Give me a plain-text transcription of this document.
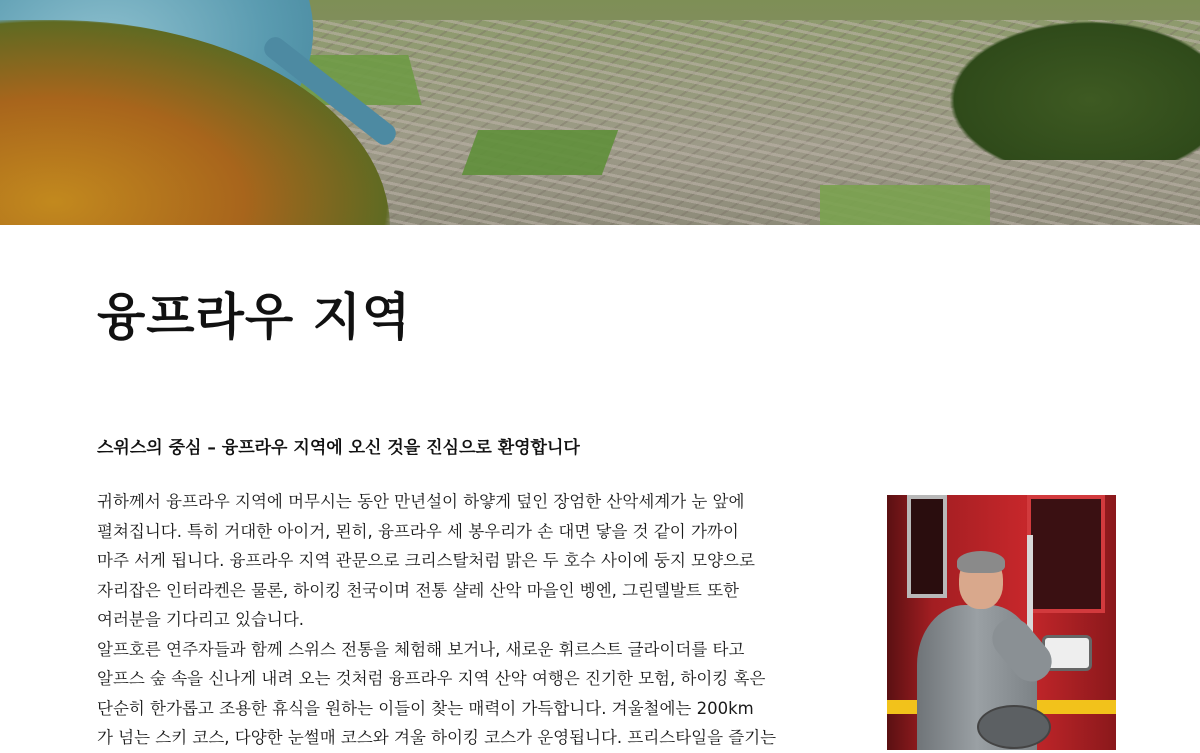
융프라우 지역
스위스의 중심 – 융프라우 지역에 오신 것을 진심으로 환영합니다

귀하께서 융프라우 지역에 머무시는 동안 만년설이 하얗게 덮인 장엄한 산악세계가 눈 앞에

펼쳐집니다. 특히 거대한 아이거, 묀히, 융프라우 세 봉우리가 손 대면 닿을 것 같이 가까이

마주 서게 됩니다. 융프라우 지역 관문으로 크리스탈처럼 맑은 두 호수 사이에 둥지 모양으로

자리잡은 인터라켄은 물론, 하이킹 천국이며 전통 샬레 산악 마을인 벵엔, 그린델발트 또한

여러분을 기다리고 있습니다.

알프호른 연주자들과 함께 스위스 전통을 체험해 보거나, 새로운 휘르스트 글라이더를 타고

알프스 숲 속을 신나게 내려 오는 것처럼 융프라우 지역 산악 여행은 진기한 모험, 하이킹 혹은

단순히 한가롭고 조용한 휴식을 원하는 이들이 찾는 매력이 가득합니다. 겨울철에는 200km

가 넘는 스키 코스, 다양한 눈썰매 코스와 겨울 하이킹 코스가 운영됩니다. 프리스타일을 즐기는
